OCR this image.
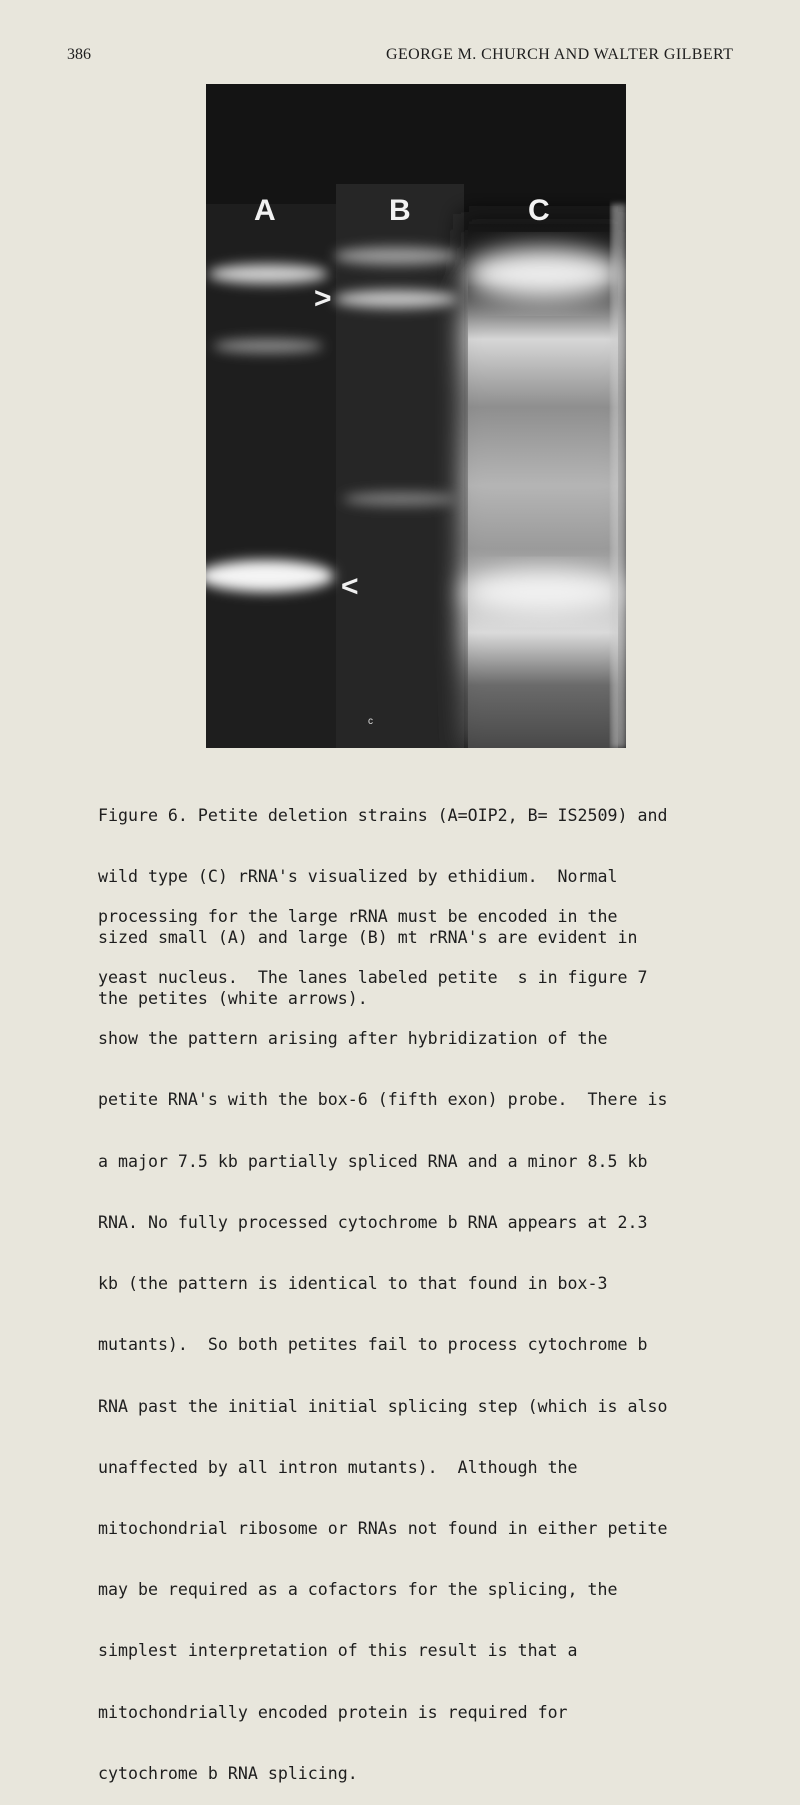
386	GEORGE M. CHURCH AND WALTER GILBERT
A	B	C
>
<
c

Figure 6. Petite deletion strains (A=OIP2, B= IS2509) and

wild type (C) rRNA's visualized by ethidium.  Normal

sized small (A) and large (B) mt rRNA's are evident in

the petites (white arrows).

processing for the large rRNA must be encoded in the

yeast nucleus.  The lanes labeled petite  s in figure 7

show the pattern arising after hybridization of the

petite RNA's with the box-6 (fifth exon) probe.  There is

a major 7.5 kb partially spliced RNA and a minor 8.5 kb

RNA. No fully processed cytochrome b RNA appears at 2.3

kb (the pattern is identical to that found in box-3

mutants).  So both petites fail to process cytochrome b

RNA past the initial initial splicing step (which is also

unaffected by all intron mutants).  Although the

mitochondrial ribosome or RNAs not found in either petite

may be required as a cofactors for the splicing, the

simplest interpretation of this result is that a

mitochondrially encoded protein is required for

cytochrome b RNA splicing.
